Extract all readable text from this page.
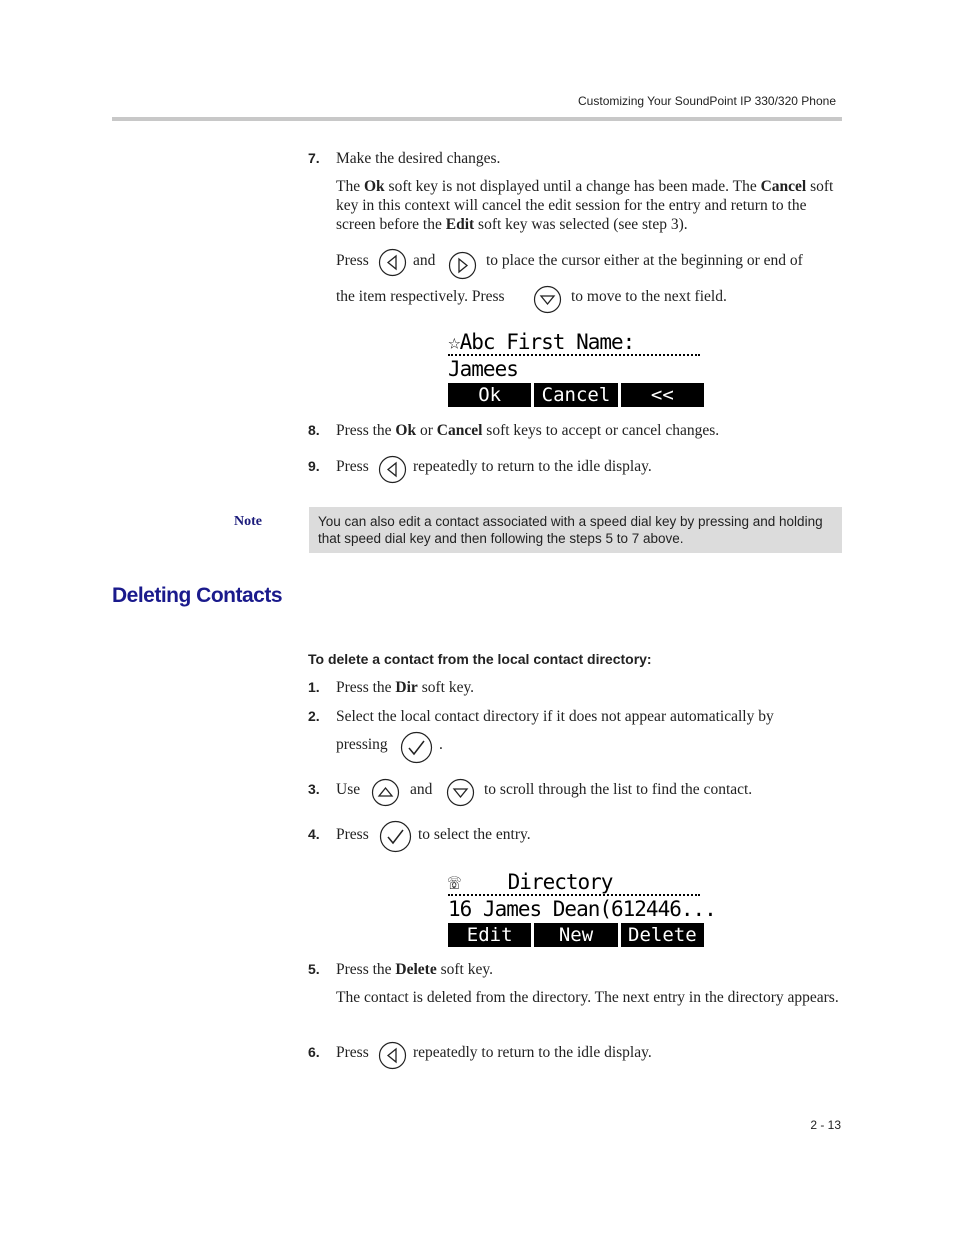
Customizing Your SoundPoint IP 330/320 Phone
7. Make the desired changes.
The Ok soft key is not displayed until a change has been made. The Cancel soft key in this context will cancel the edit session for the entry and return to the screen before the Edit soft key was selected (see step 3).
Press	and	to place the cursor either at the beginning or end of
the item respectively. Press	to move to the next field.
☆Abc First Name:
Jamees
Ok	Cancel	<<
8. Press the Ok or Cancel soft keys to accept or cancel changes.
9. Press	repeatedly to return to the idle display.
Note	You can also edit a contact associated with a speed dial key by pressing and holding that speed dial key and then following the steps 5 to 7 above.
Deleting Contacts
To delete a contact from the local contact directory:
1. Press the Dir soft key.
2. Select the local contact directory if it does not appear automatically by
pressing	.
3. Use	and	to scroll through the list to find the contact.
4. Press	to select the entry.
☏ Directory
16 James Dean(612446...
Edit	New	Delete
5. Press the Delete soft key.
The contact is deleted from the directory. The next entry in the directory appears.
6. Press	repeatedly to return to the idle display.
2 - 13
